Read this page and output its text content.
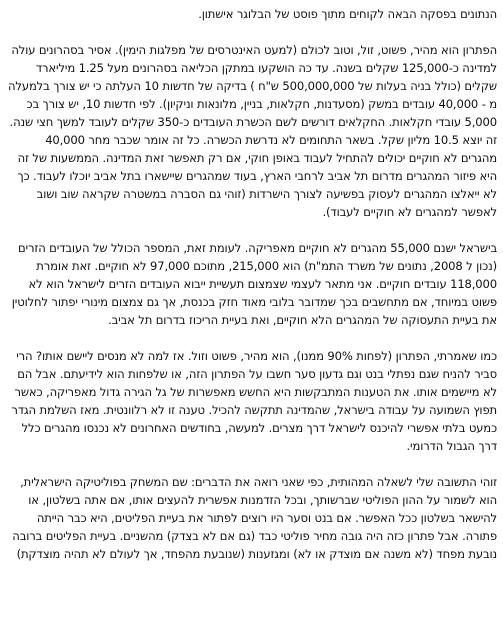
הנתונים בפסקה הבאה לקוחים מתוך פוסט של הבלוגר אישתון.

הפתרון הוא מהיר, פשוט, זול, וטוב לכולם (למעט האינטרסים של מפלגות הימין). אסיר בסהרונים עולה למדינה כ-125,000 שקלים בשנה. עד כה הושקעו במתקן הכליאה בסהרונים מעל 1.25 מיליארד שקלים (כולל בניה בעלות של 500,000,000 ש"ח ) בדיקה של חדשות 10 העלתה כי יש צורך בלמעלה מ - 40,000 עובדים במשק (מסעדנות, חקלאות, בניין, מלונאות וניקיון). לפי חדשות 10, יש צורך בכ 5,000 עובדי חקלאות. החקלאים דורשים לשם הכשרת העובדים כ-350 שקלים לעובד למשך חצי שנה. זה יוצא 10.5 מליון שקל. בשאר התחומים לא נדרשת הכשרה. כל זה אומר שכבר מחר 40,000 מהגרים לא חוקיים יכולים להתחיל לעבוד באופן חוקי, אם רק תאפשר זאת המדינה. הממשעות של זה היא פיזור המהגרים מדרום תל אביב לרחבי הארץ, בעוד שמהגרים שיישארו בתל אביב יוכלו לעבוד. כך לא ייאלצו המהגרים לעסוק בפשיעה לצורך הישרדות (זוהי גם הסברה במשטרה שקראה שוב ושוב לאפשר למהגרים לא חוקיים לעבוד).

בישראל ישנם 55,000 מהגרים לא חוקיים מאפריקה. לעומת זאת, המספר הכולל של העובדים הזרים (נכון ל 2008, נתונים של משרד התמ"ת) הוא 215,000, מתוכם 97,000 לא חוקיים. זאת אומרת 118,000 עובדים חוקיים. אני מתאר לעצמי שצמצום תעשיית ייבוא העובדים הזרים לישראל הוא לא פשוט במיוחד, אם מתחשבים בכך שמדובר בלובי מאוד חזק בכנסת, אך גם צמצום מינורי יפתור לחלוטין את בעיית התעסוקה של המהגרים הלא חוקיים, ואת בעיית הריכוז בדרום תל אביב.

כמו שאמרתי, הפתרון (לפחות 90% ממנו), הוא מהיר, פשוט וזול. אז למה לא מנסים ליישם אותו? הרי סביר להניח שגם נפתלי בנט וגם גדעון סער חשבו על הפתרון הזה, או שלפחות הוא לידיעתם. אבל הם לא מיישמים אותו. את הטענות המתבקשות היא החשש מאפשרות של גל הגירה גדול מאפריקה, כאשר תפוץ השמועה על עבודה בישראל, שהמדינה תתקשה להכיל. טענה זו לא רלוונטית. מאז השלמת הגדר כמעט בלתי אפשרי להיכנס לישראל דרך מצרים. למעשה, בחודשים האחרונים לא נכנסו מהגרים כלל דרך הגבול הדרומי.

זוהי התשובה שלי לשאלה המהותית, כפי שאני רואה את הדברים: שם המשחק בפוליטיקה הישראלית, הוא לשמור על ההון הפוליטי שברשותך, ובכל הזדמנות אפשרית להעצים אותו, אם אתה בשלטון, או להישאר בשלטון ככל האפשר. אם בנט וסער היו רוצים לפתור את בעיית הפליטים, היא כבר הייתה פתורה. אבל פתרון כזה היה גובה מחיר פוליטי כבד (גם אם לא בצדק) מהשניים. בעיית הפליטים ברובה נובעת מפחד (לא משנה אם מוצדק או לא) ומגזענות (שנובעת מהפחד, אך לעולם לא תהיה מוצדקת)
